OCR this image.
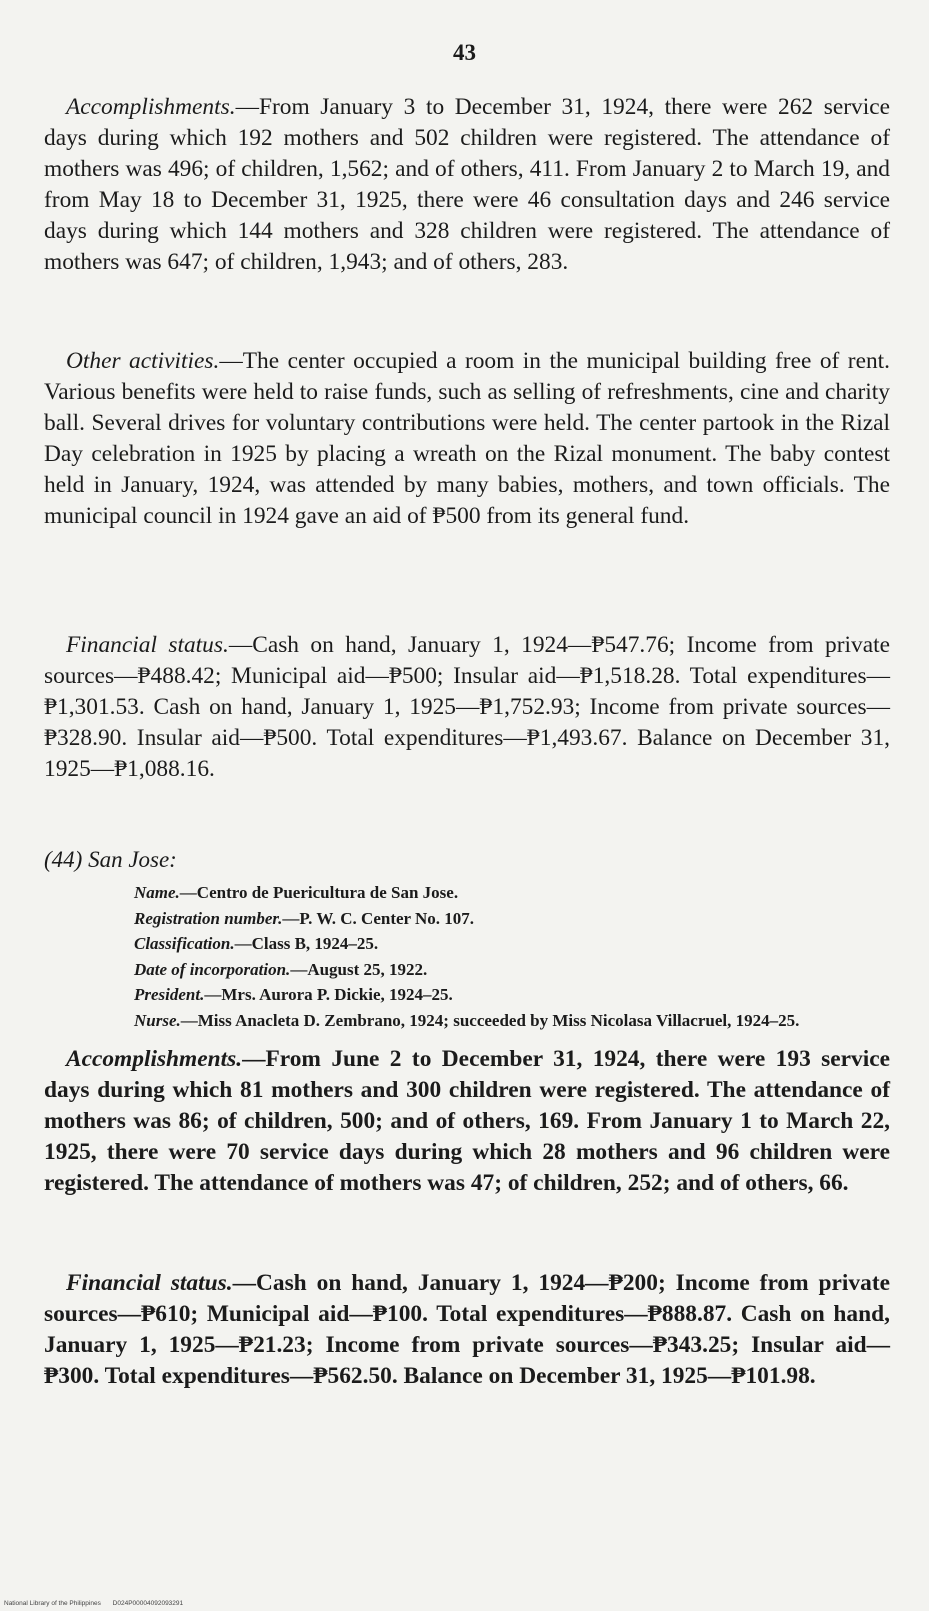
43

Accomplishments.—From January 3 to December 31, 1924, there were 262 service days during which 192 mothers and 502 children were registered. The attendance of mothers was 496; of children, 1,562; and of others, 411. From January 2 to March 19, and from May 18 to December 31, 1925, there were 46 consultation days and 246 service days during which 144 mothers and 328 children were registered. The attendance of mothers was 647; of children, 1,943; and of others, 283.

Other activities.—The center occupied a room in the municipal building free of rent. Various benefits were held to raise funds, such as selling of refreshments, cine and charity ball. Several drives for voluntary contributions were held. The center partook in the Rizal Day celebration in 1925 by placing a wreath on the Rizal monument. The baby contest held in January, 1924, was attended by many babies, mothers, and town officials. The municipal council in 1924 gave an aid of ₱500 from its general fund.

Financial status.—Cash on hand, January 1, 1924—₱547.76; Income from private sources—₱488.42; Municipal aid—₱500; Insular aid—₱1,518.28. Total expenditures—₱1,301.53. Cash on hand, January 1, 1925—₱1,752.93; Income from private sources—₱328.90. Insular aid—₱500. Total expenditures—₱1,493.67. Balance on December 31, 1925—₱1,088.16.

(44) San Jose:
Name.—Centro de Puericultura de San Jose.
Registration number.—P. W. C. Center No. 107.
Classification.—Class B, 1924–25.
Date of incorporation.—August 25, 1922.
President.—Mrs. Aurora P. Dickie, 1924–25.
Nurse.—Miss Anacleta D. Zembrano, 1924; succeeded by Miss Nicolasa Villacruel, 1924–25.

Accomplishments.—From June 2 to December 31, 1924, there were 193 service days during which 81 mothers and 300 children were registered. The attendance of mothers was 86; of children, 500; and of others, 169. From January 1 to March 22, 1925, there were 70 service days during which 28 mothers and 96 children were registered. The attendance of mothers was 47; of children, 252; and of others, 66.

Financial status.—Cash on hand, January 1, 1924—₱200; Income from private sources—₱610; Municipal aid—₱100. Total expenditures—₱888.87. Cash on hand, January 1, 1925—₱21.23; Income from private sources—₱343.25; Insular aid—₱300. Total expenditures—₱562.50. Balance on December 31, 1925—₱101.98.

National Library of the Philippines D024P00004092093291
